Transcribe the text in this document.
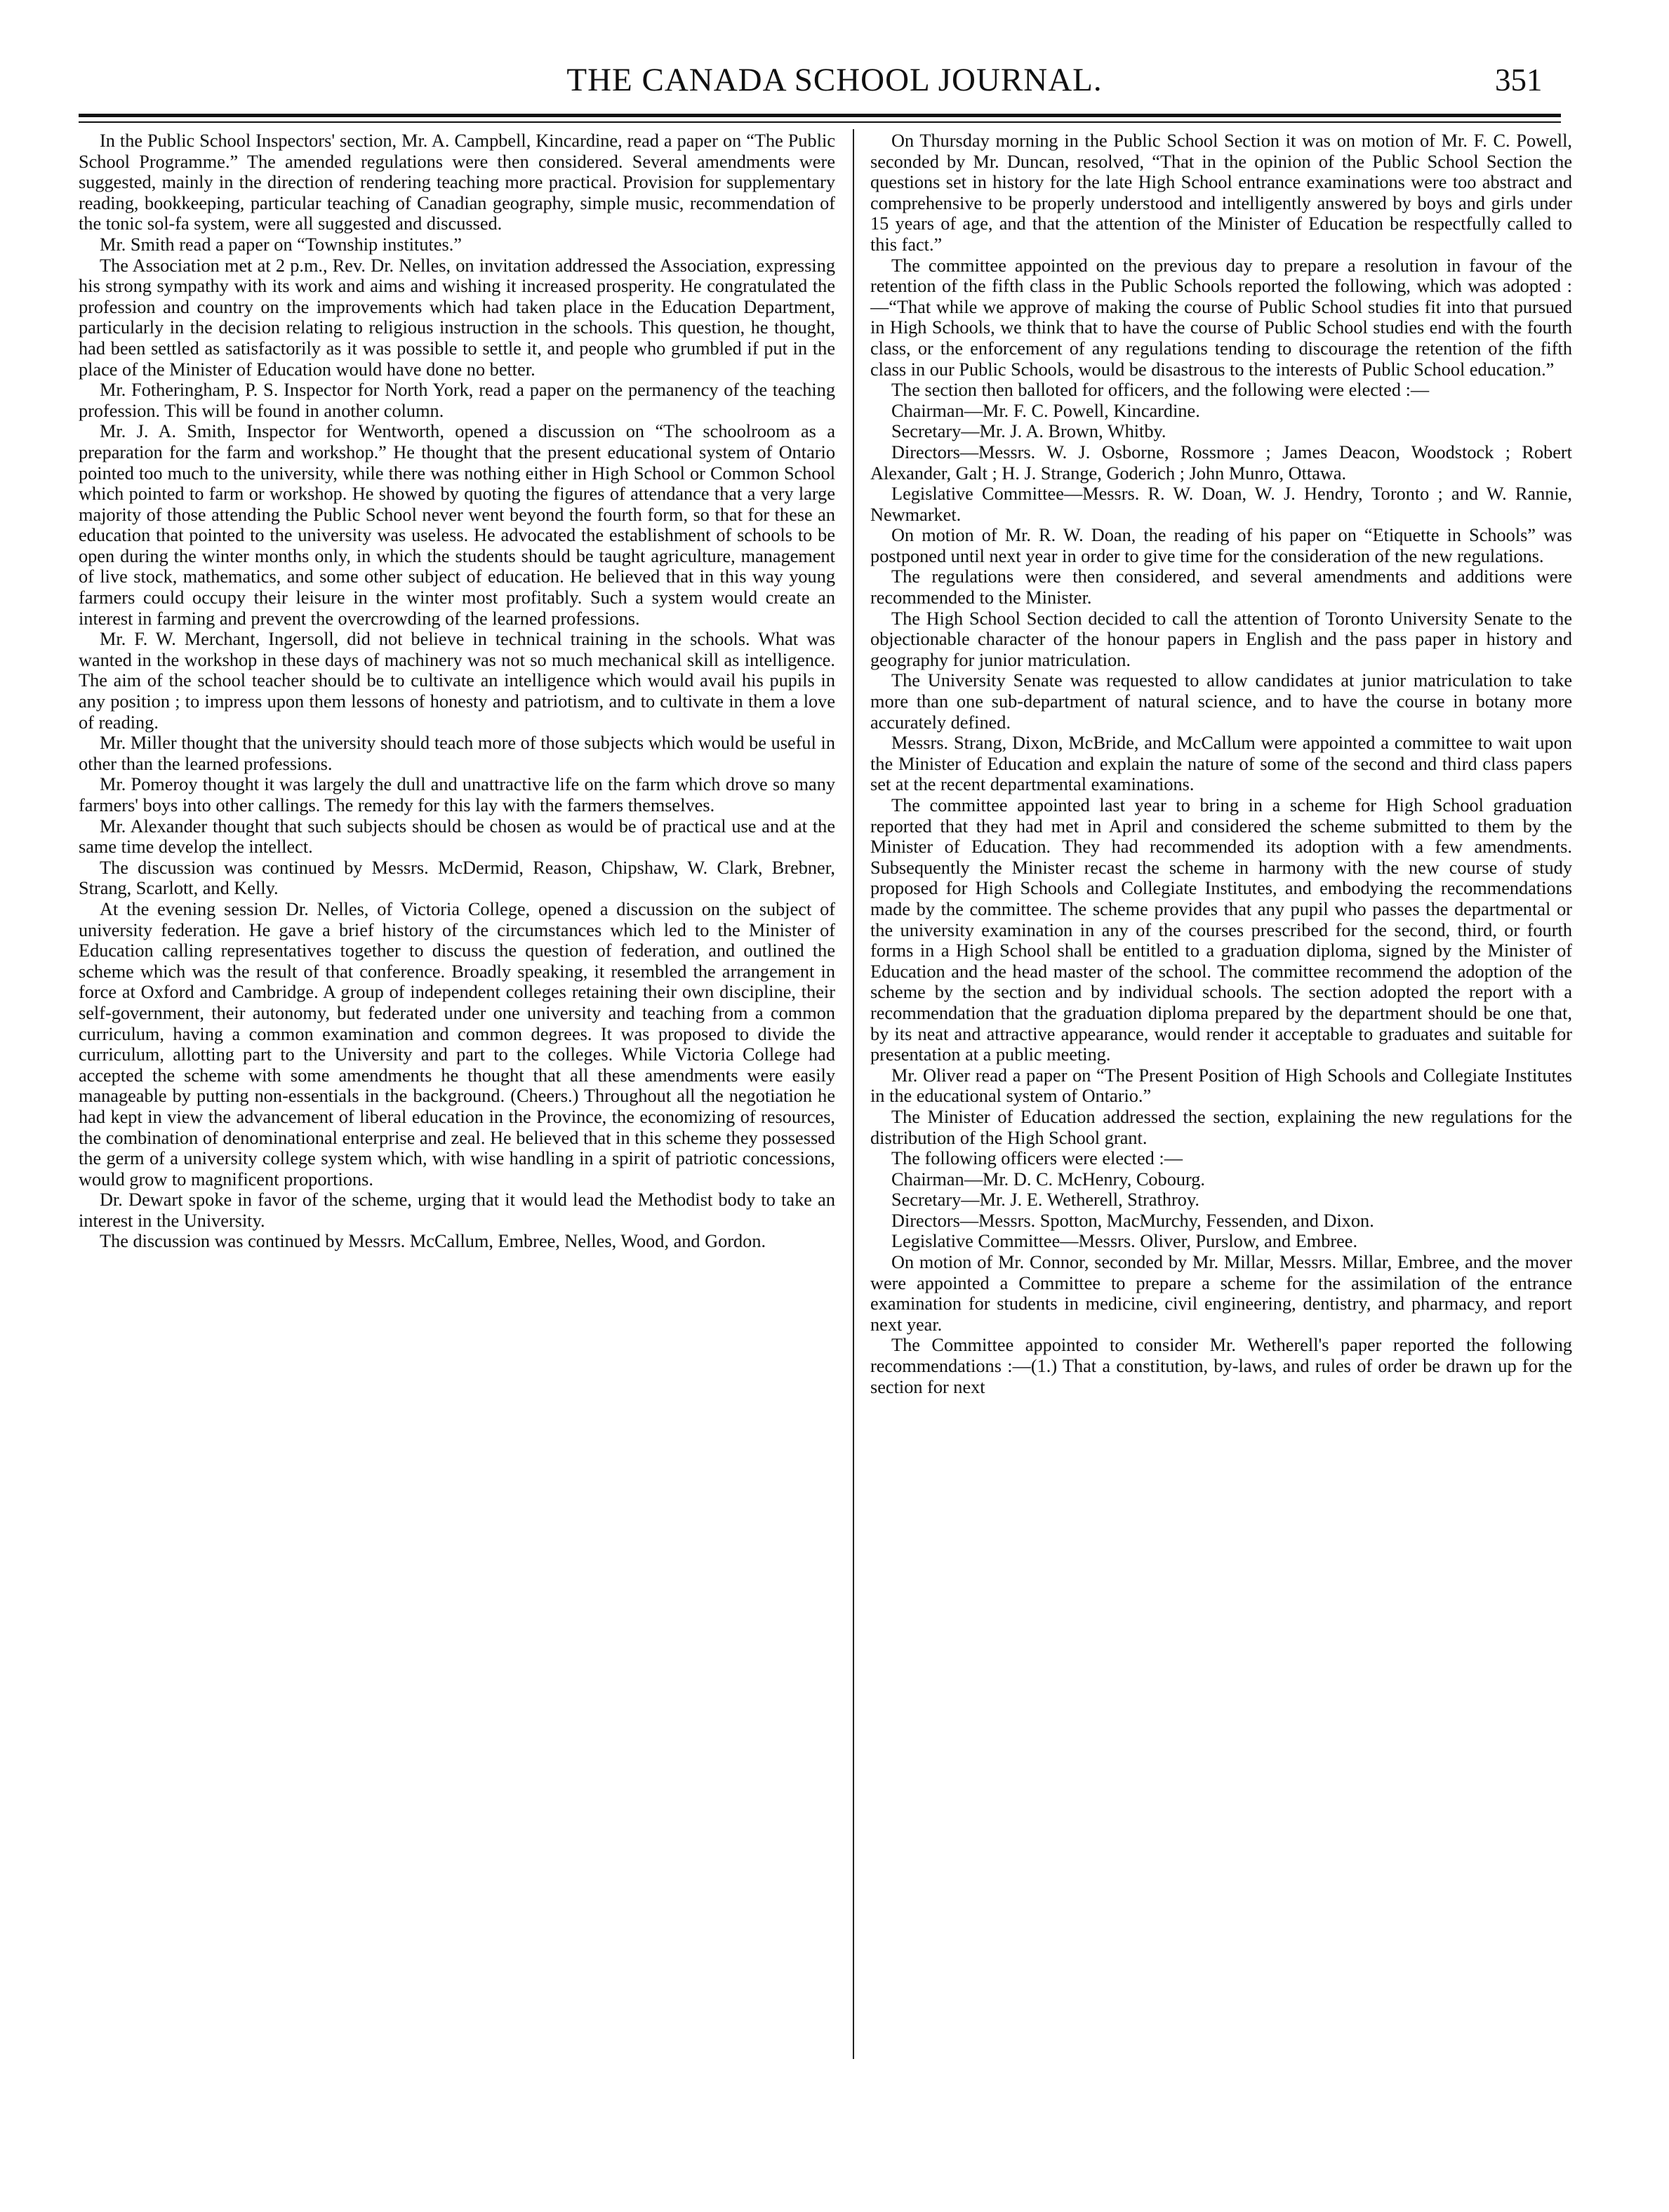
THE CANADA SCHOOL JOURNAL.	351

In the Public School Inspectors' section, Mr. A. Campbell, Kincardine, read a paper on “The Public School Programme.” The amended regulations were then considered. Several amendments were suggested, mainly in the direction of rendering teaching more practical. Provision for supplementary reading, bookkeeping, particular teaching of Canadian geography, simple music, recommendation of the tonic sol-fa system, were all suggested and discussed.

Mr. Smith read a paper on “Township institutes.”

The Association met at 2 p.m., Rev. Dr. Nelles, on invitation addressed the Association, expressing his strong sympathy with its work and aims and wishing it increased prosperity. He congratulated the profession and country on the improvements which had taken place in the Education Department, particularly in the decision relating to religious instruction in the schools. This question, he thought, had been settled as satisfactorily as it was possible to settle it, and people who grumbled if put in the place of the Minister of Education would have done no better.

Mr. Fotheringham, P. S. Inspector for North York, read a paper on the permanency of the teaching profession. This will be found in another column.

Mr. J. A. Smith, Inspector for Wentworth, opened a discussion on “The schoolroom as a preparation for the farm and workshop.” He thought that the present educational system of Ontario pointed too much to the university, while there was nothing either in High School or Common School which pointed to farm or workshop. He showed by quoting the figures of attendance that a very large majority of those attending the Public School never went beyond the fourth form, so that for these an education that pointed to the university was useless. He advocated the establishment of schools to be open during the winter months only, in which the students should be taught agriculture, management of live stock, mathematics, and some other subject of education. He believed that in this way young farmers could occupy their leisure in the winter most profitably. Such a system would create an interest in farming and prevent the overcrowding of the learned professions.

Mr. F. W. Merchant, Ingersoll, did not believe in technical training in the schools. What was wanted in the workshop in these days of machinery was not so much mechanical skill as intelligence. The aim of the school teacher should be to cultivate an intelligence which would avail his pupils in any position ; to impress upon them lessons of honesty and patriotism, and to cultivate in them a love of reading.

Mr. Miller thought that the university should teach more of those subjects which would be useful in other than the learned professions.

Mr. Pomeroy thought it was largely the dull and unattractive life on the farm which drove so many farmers' boys into other callings. The remedy for this lay with the farmers themselves.

Mr. Alexander thought that such subjects should be chosen as would be of practical use and at the same time develop the intellect.

The discussion was continued by Messrs. McDermid, Reason, Chipshaw, W. Clark, Brebner, Strang, Scarlott, and Kelly.

At the evening session Dr. Nelles, of Victoria College, opened a discussion on the subject of university federation. He gave a brief history of the circumstances which led to the Minister of Education calling representatives together to discuss the question of federation, and outlined the scheme which was the result of that conference. Broadly speaking, it resembled the arrangement in force at Oxford and Cambridge. A group of independent colleges retaining their own discipline, their self-government, their autonomy, but federated under one university and teaching from a common curriculum, having a common examination and common degrees. It was proposed to divide the curriculum, allotting part to the University and part to the colleges. While Victoria College had accepted the scheme with some amendments he thought that all these amendments were easily manageable by putting non-essentials in the background. (Cheers.) Throughout all the negotiation he had kept in view the advancement of liberal education in the Province, the economizing of resources, the combination of denominational enterprise and zeal. He believed that in this scheme they possessed the germ of a university college system which, with wise handling in a spirit of patriotic concessions, would grow to magnificent proportions.

Dr. Dewart spoke in favor of the scheme, urging that it would lead the Methodist body to take an interest in the University.

The discussion was continued by Messrs. McCallum, Embree, Nelles, Wood, and Gordon.

On Thursday morning in the Public School Section it was on motion of Mr. F. C. Powell, seconded by Mr. Duncan, resolved, “That in the opinion of the Public School Section the questions set in history for the late High School entrance examinations were too abstract and comprehensive to be properly understood and intelligently answered by boys and girls under 15 years of age, and that the attention of the Minister of Education be respectfully called to this fact.”

The committee appointed on the previous day to prepare a resolution in favour of the retention of the fifth class in the Public Schools reported the following, which was adopted :—“That while we approve of making the course of Public School studies fit into that pursued in High Schools, we think that to have the course of Public School studies end with the fourth class, or the enforcement of any regulations tending to discourage the retention of the fifth class in our Public Schools, would be disastrous to the interests of Public School education.”

The section then balloted for officers, and the following were elected :—

Chairman—Mr. F. C. Powell, Kincardine.

Secretary—Mr. J. A. Brown, Whitby.

Directors—Messrs. W. J. Osborne, Rossmore ; James Deacon, Woodstock ; Robert Alexander, Galt ; H. J. Strange, Goderich ; John Munro, Ottawa.

Legislative Committee—Messrs. R. W. Doan, W. J. Hendry, Toronto ; and W. Rannie, Newmarket.

On motion of Mr. R. W. Doan, the reading of his paper on “Etiquette in Schools” was postponed until next year in order to give time for the consideration of the new regulations.

The regulations were then considered, and several amendments and additions were recommended to the Minister.

The High School Section decided to call the attention of Toronto University Senate to the objectionable character of the honour papers in English and the pass paper in history and geography for junior matriculation.

The University Senate was requested to allow candidates at junior matriculation to take more than one sub-department of natural science, and to have the course in botany more accurately defined.

Messrs. Strang, Dixon, McBride, and McCallum were appointed a committee to wait upon the Minister of Education and explain the nature of some of the second and third class papers set at the recent departmental examinations.

The committee appointed last year to bring in a scheme for High School graduation reported that they had met in April and considered the scheme submitted to them by the Minister of Education. They had recommended its adoption with a few amendments. Subsequently the Minister recast the scheme in harmony with the new course of study proposed for High Schools and Collegiate Institutes, and embodying the recommendations made by the committee. The scheme provides that any pupil who passes the departmental or the university examination in any of the courses prescribed for the second, third, or fourth forms in a High School shall be entitled to a graduation diploma, signed by the Minister of Education and the head master of the school. The committee recommend the adoption of the scheme by the section and by individual schools. The section adopted the report with a recommendation that the graduation diploma prepared by the department should be one that, by its neat and attractive appearance, would render it acceptable to graduates and suitable for presentation at a public meeting.

Mr. Oliver read a paper on “The Present Position of High Schools and Collegiate Institutes in the educational system of Ontario.”

The Minister of Education addressed the section, explaining the new regulations for the distribution of the High School grant.

The following officers were elected :—

Chairman—Mr. D. C. McHenry, Cobourg.

Secretary—Mr. J. E. Wetherell, Strathroy.

Directors—Messrs. Spotton, MacMurchy, Fessenden, and Dixon.

Legislative Committee—Messrs. Oliver, Purslow, and Embree.

On motion of Mr. Connor, seconded by Mr. Millar, Messrs. Millar, Embree, and the mover were appointed a Committee to prepare a scheme for the assimilation of the entrance examination for students in medicine, civil engineering, dentistry, and pharmacy, and report next year.

The Committee appointed to consider Mr. Wetherell's paper reported the following recommendations :—(1.) That a constitution, by-laws, and rules of order be drawn up for the section for next
